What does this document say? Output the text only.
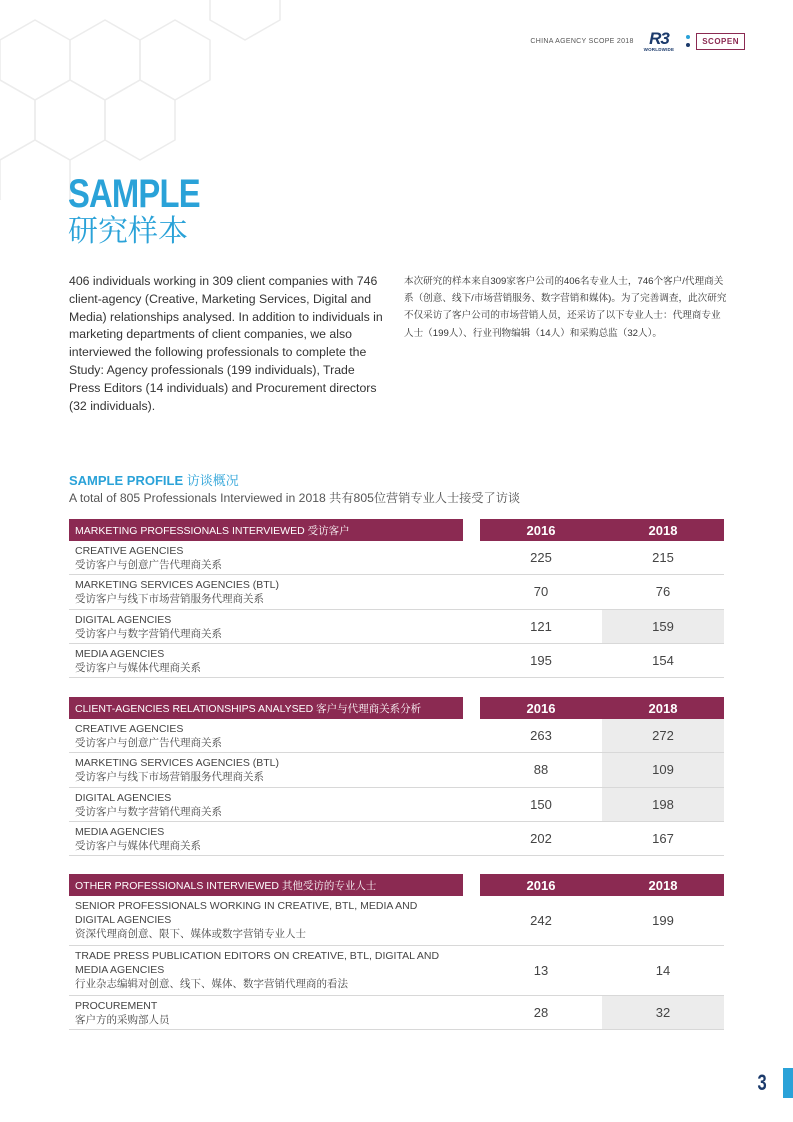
CHINA AGENCY SCOPE 2018 R3
WORLDWIDE
SCOPEN
SAMPLE
研究样本

406 individuals working in 309 client companies with 746 client-agency (Creative, Marketing Services, Digital and Media) relationships analysed. In addition to individuals in marketing departments of client companies, we also interviewed the following professionals to complete the Study: Agency professionals (199 individuals), Trade Press Editors (14 individuals) and Procurement directors (32 individuals).

本次研究的样本来自309家客户公司的406名专业人士，746个客户/代理商关系（创意、线下/市场营销服务、数字营销和媒体)。为了完善调查，此次研究不仅采访了客户公司的市场营销人员，还采访了以下专业人士：代理商专业人士（199人）、行业刊物编辑（14人）和采购总监（32人）。

SAMPLE PROFILE 访谈概况
A total of 805 Professionals Interviewed in 2018 共有805位营销专业人士接受了访谈
MARKETING PROFESSIONALS INTERVIEWED 受访客户	2016	2018
CREATIVE AGENCIES
受访客户与创意广告代理商关系	225	215
MARKETING SERVICES AGENCIES (BTL)
受访客户与线下市场营销服务代理商关系	70	76
DIGITAL AGENCIES
受访客户与数字营销代理商关系	121	159
MEDIA AGENCIES
受访客户与媒体代理商关系	195	154
CLIENT-AGENCIES RELATIONSHIPS ANALYSED 客户与代理商关系分析	2016	2018
CREATIVE AGENCIES
受访客户与创意广告代理商关系	263	272
MARKETING SERVICES AGENCIES (BTL)
受访客户与线下市场营销服务代理商关系	88	109
DIGITAL AGENCIES
受访客户与数字营销代理商关系	150	198
MEDIA AGENCIES
受访客户与媒体代理商关系	202	167
OTHER PROFESSIONALS INTERVIEWED 其他受访的专业人士	2016	2018
SENIOR PROFESSIONALS WORKING IN CREATIVE, BTL, MEDIA AND DIGITAL AGENCIES
资深代理商创意、限下、媒体或数字营销专业人士
242	199
TRADE PRESS PUBLICATION EDITORS ON CREATIVE, BTL, DIGITAL AND MEDIA AGENCIES
行业杂志编辑对创意、线下、媒体、数字营销代理商的看法
13	14
PROCUREMENT
客户方的采购部人员	28	32
3
